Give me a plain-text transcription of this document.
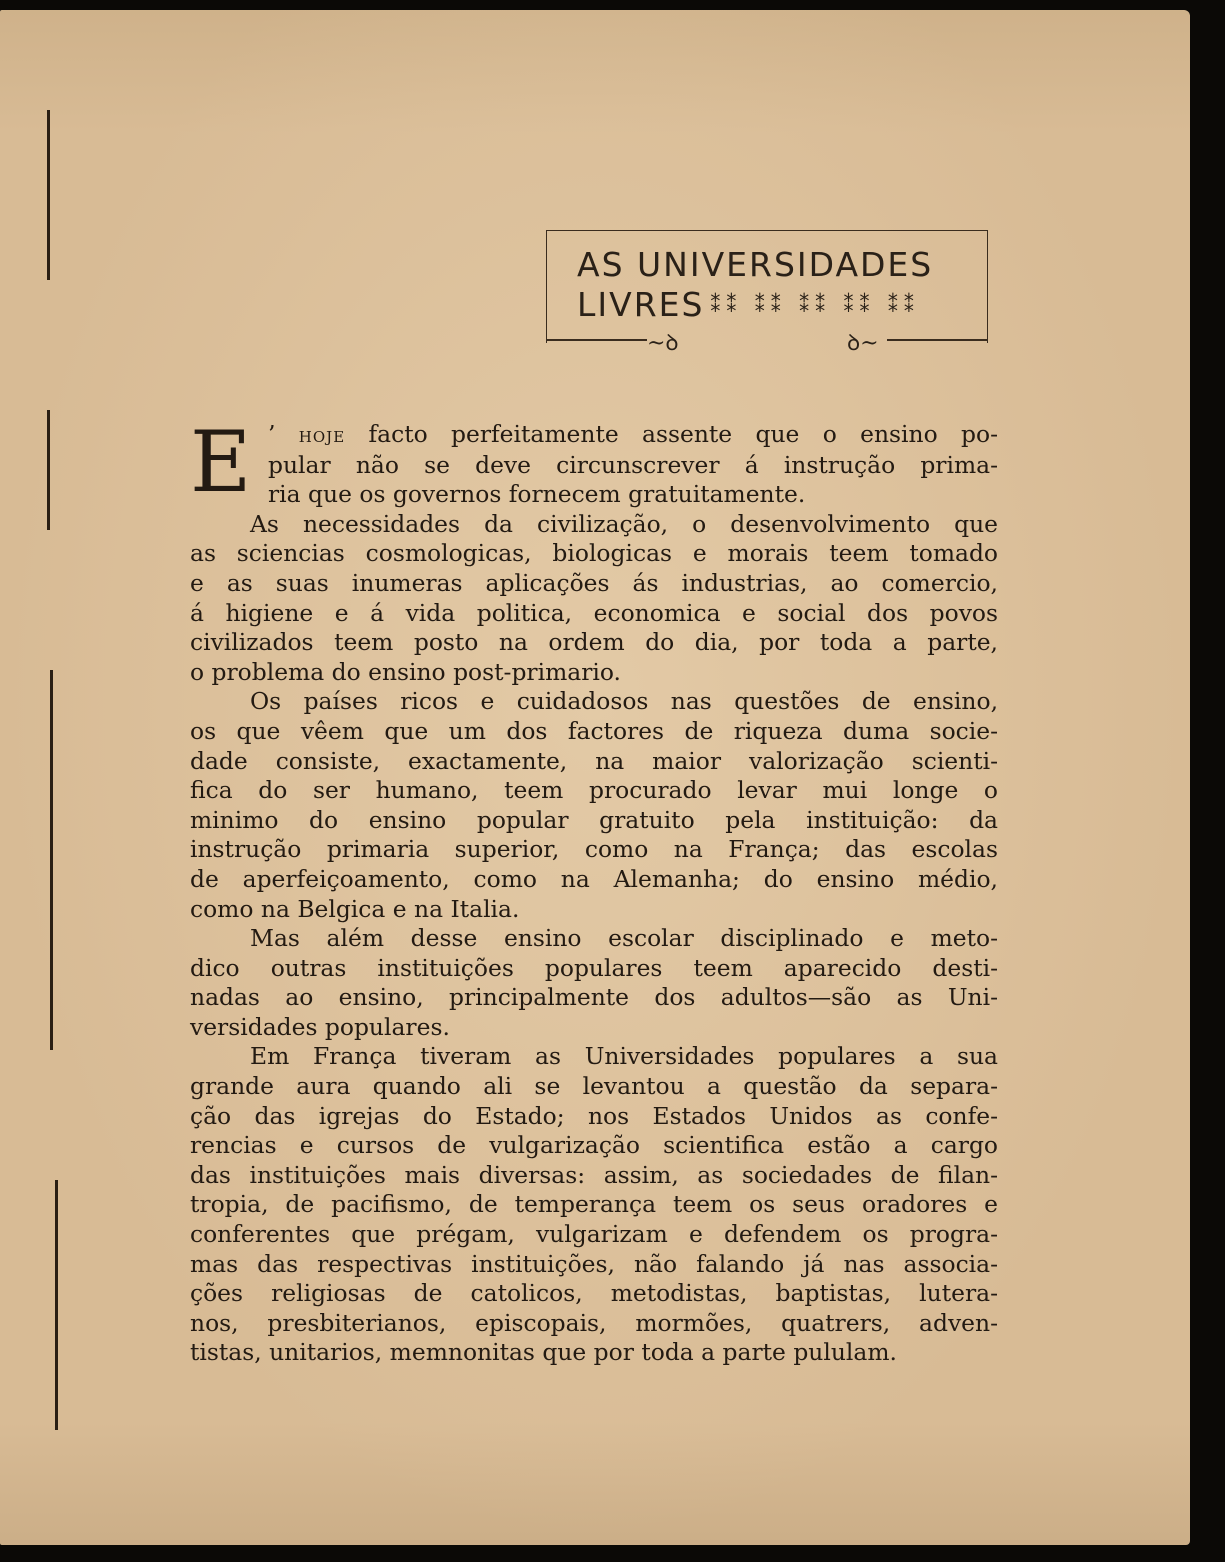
AS UNIVERSIDADES
LIVRES ⁑⁑ ⁑⁑ ⁑⁑ ⁑⁑ ⁑⁑
~ꝺ	ꝺ~
E ’ hoje facto perfeitamente assente que o ensino po-
pular não se deve circunscrever á instrução prima-
ria que os governos fornecem gratuitamente.
As necessidades da civilização, o desenvolvimento que
as sciencias cosmologicas, biologicas e morais teem tomado
e as suas inumeras aplicações ás industrias, ao comercio,
á higiene e á vida politica, economica e social dos povos
civilizados teem posto na ordem do dia, por toda a parte,
o problema do ensino post-primario.
Os países ricos e cuidadosos nas questões de ensino,
os que vêem que um dos factores de riqueza duma socie-
dade consiste, exactamente, na maior valorização scienti-
fica do ser humano, teem procurado levar mui longe o
minimo do ensino popular gratuito pela instituição: da
instrução primaria superior, como na França; das escolas
de aperfeiçoamento, como na Alemanha; do ensino médio,
como na Belgica e na Italia.
Mas além desse ensino escolar disciplinado e meto-
dico outras instituições populares teem aparecido desti-
nadas ao ensino, principalmente dos adultos—são as Uni-
versidades populares.
Em França tiveram as Universidades populares a sua
grande aura quando ali se levantou a questão da separa-
ção das igrejas do Estado; nos Estados Unidos as confe-
rencias e cursos de vulgarização scientifica estão a cargo
das instituições mais diversas: assim, as sociedades de filan-
tropia, de pacifismo, de temperança teem os seus oradores e
conferentes que prégam, vulgarizam e defendem os progra-
mas das respectivas instituições, não falando já nas associa-
ções religiosas de catolicos, metodistas, baptistas, lutera-
nos, presbiterianos, episcopais, mormões, quatrers, adven-
tistas, unitarios, memnonitas que por toda a parte pululam.
